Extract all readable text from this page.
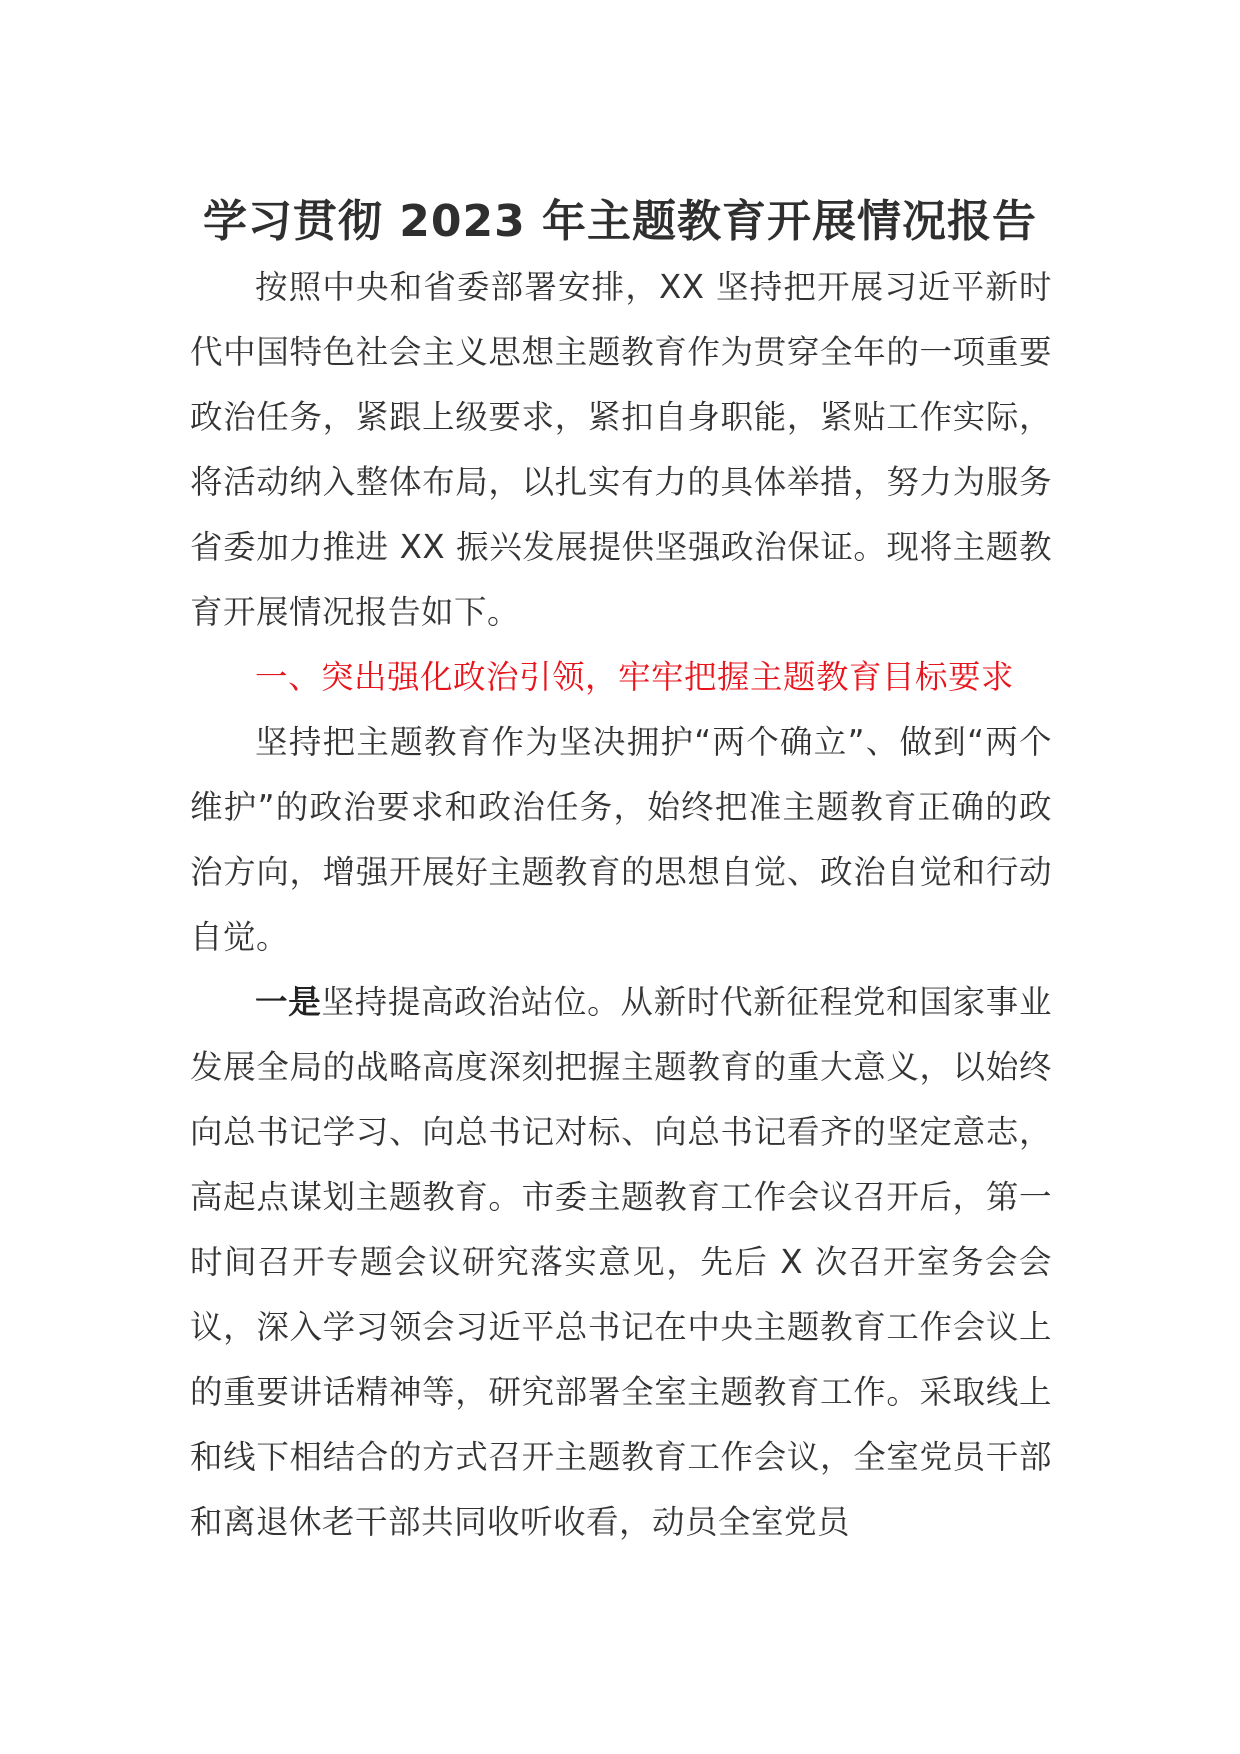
学习贯彻 2023 年主题教育开展情况报告

按照中央和省委部署安排，XX 坚持把开展习近平新时代中国特色社会主义思想主题教育作为贯穿全年的一项重要政治任务，紧跟上级要求，紧扣自身职能，紧贴工作实际，将活动纳入整体布局，以扎实有力的具体举措，努力为服务省委加力推进 XX 振兴发展提供坚强政治保证。现将主题教育开展情况报告如下。

一、突出强化政治引领，牢牢把握主题教育目标要求

坚持把主题教育作为坚决拥护“两个确立”、做到“两个维护”的政治要求和政治任务，始终把准主题教育正确的政治方向，增强开展好主题教育的思想自觉、政治自觉和行动自觉。

一是坚持提高政治站位。从新时代新征程党和国家事业发展全局的战略高度深刻把握主题教育的重大意义，以始终向总书记学习、向总书记对标、向总书记看齐的坚定意志，高起点谋划主题教育。市委主题教育工作会议召开后，第一时间召开专题会议研究落实意见，先后 X 次召开室务会会议，深入学习领会习近平总书记在中央主题教育工作会议上的重要讲话精神等，研究部署全室主题教育工作。采取线上和线下相结合的方式召开主题教育工作会议，全室党员干部和离退休老干部共同收听收看，动员全室党员
